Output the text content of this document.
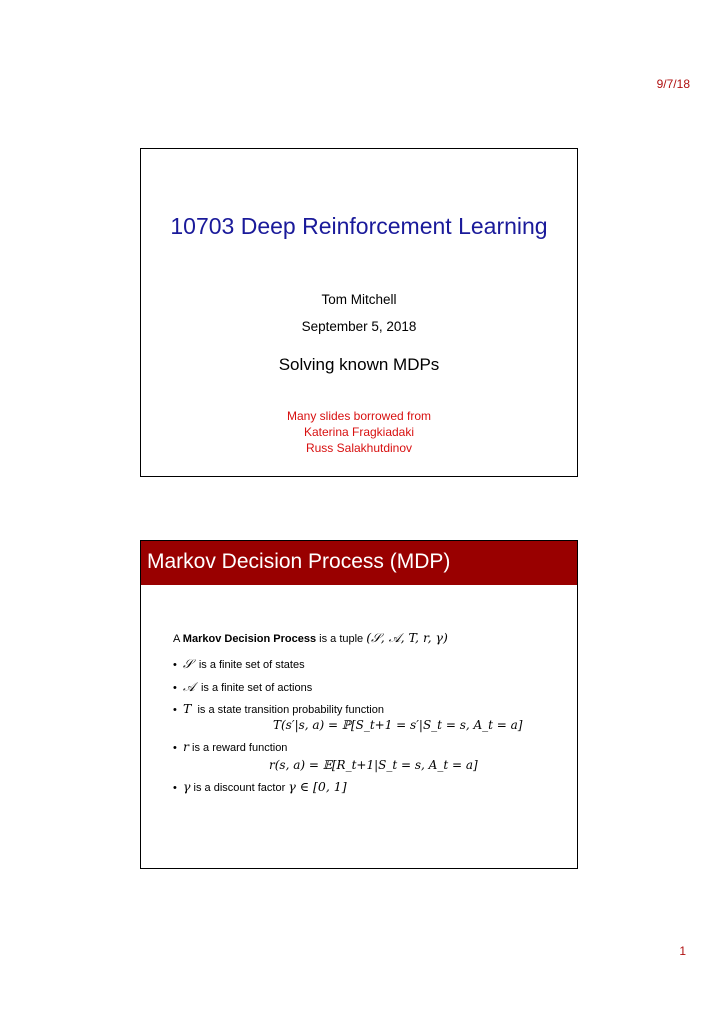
9/7/18
10703 Deep Reinforcement Learning
Tom Mitchell
September 5, 2018
Solving known MDPs
Many slides borrowed from
Katerina Fragkiadaki
Russ Salakhutdinov
Markov Decision Process (MDP)
A Markov Decision Process is a tuple (𝒮, 𝒜, T, r, γ)
• 𝒮 is a finite set of states
• 𝒜 is a finite set of actions
• T is a state transition probability function
T(s′|s, a) = ℙ[S_t+1 = s′|S_t = s, A_t = a]
• r is a reward function
r(s, a) = 𝔼[R_t+1|S_t = s, A_t = a]
• γ is a discount factor γ ∈ [0, 1]
1
